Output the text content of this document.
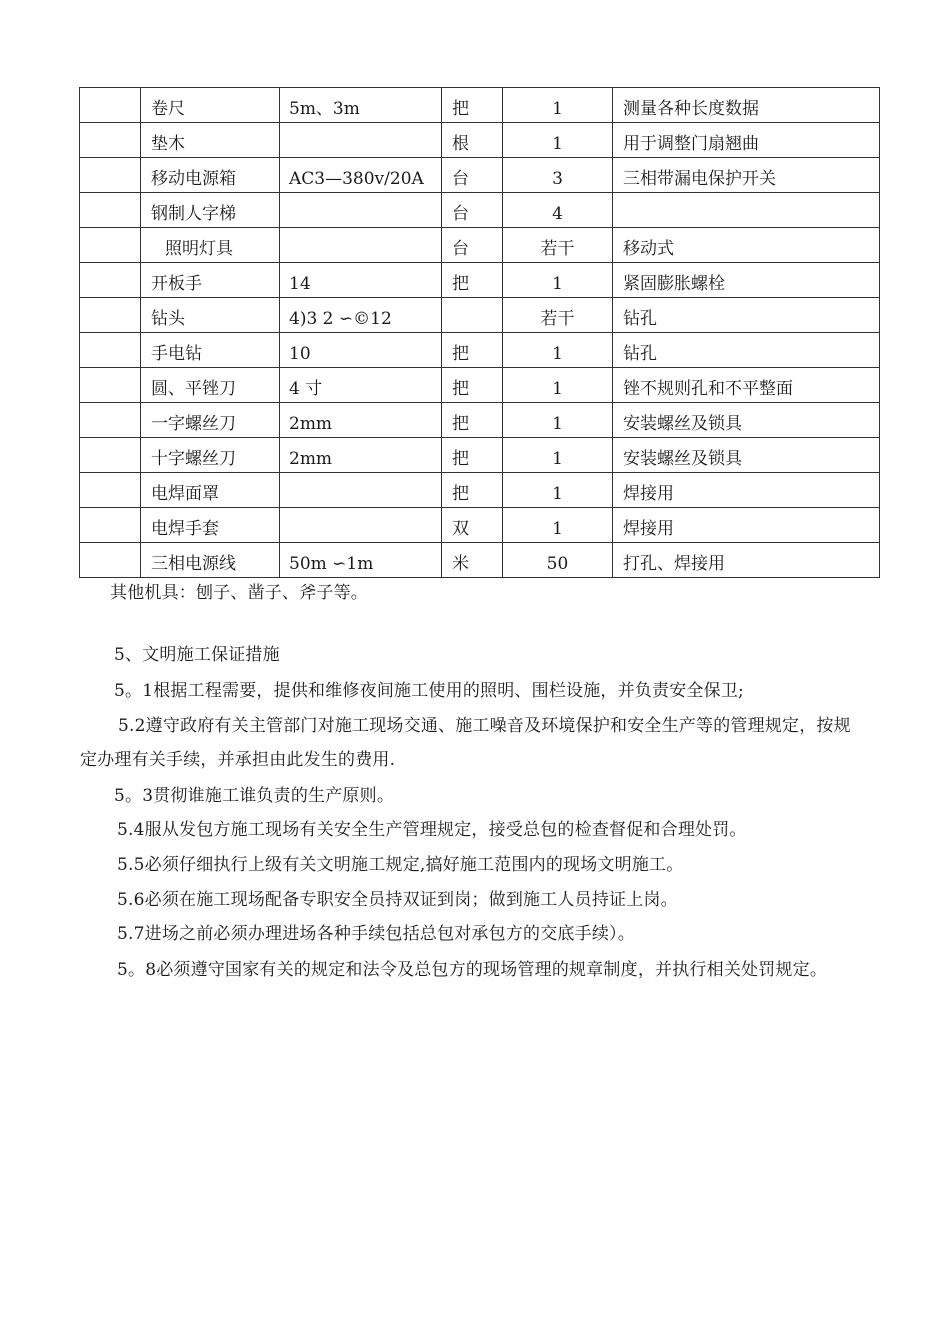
	卷尺	5m、3m	把	1	测量各种长度数据
	垫木		根	1	用于调整门扇翘曲
	移动电源箱	AC3—380v/20A	台	3	三相带漏电保护开关
	钢制人字梯		台	4	
	照明灯具		台	若干	移动式
	开板手	14	把	1	紧固膨胀螺栓
	钻头	4)3 2 ∽©12		若干	钻孔
	手电钻	10	把	1	钻孔
	圆、平锉刀	4 寸	把	1	锉不规则孔和不平整面
	一字螺丝刀	2mm	把	1	安装螺丝及锁具
	十字螺丝刀	2mm	把	1	安装螺丝及锁具
	电焊面罩		把	1	焊接用
	电焊手套		双	1	焊接用
	三相电源线	50m ∽1m	米	50	打孔、焊接用
其他机具：刨子、凿子、斧子等。
5、文明施工保证措施
5。1根据工程需要，提供和维修夜间施工使用的照明、围栏设施，并负责安全保卫;
5.2遵守政府有关主管部门对施工现场交通、施工噪音及环境保护和安全生产等的管理规定，按规
定办理有关手续，并承担由此发生的费用.
5。3贯彻谁施工谁负责的生产原则。
5.4服从发包方施工现场有关安全生产管理规定，接受总包的检查督促和合理处罚。
5.5必须仔细执行上级有关文明施工规定,搞好施工范围内的现场文明施工。
5.6必须在施工现场配备专职安全员持双证到岗；做到施工人员持证上岗。
5.7进场之前必须办理进场各种手续包括总包对承包方的交底手续）。
5。8必须遵守国家有关的规定和法令及总包方的现场管理的规章制度，并执行相关处罚规定。
